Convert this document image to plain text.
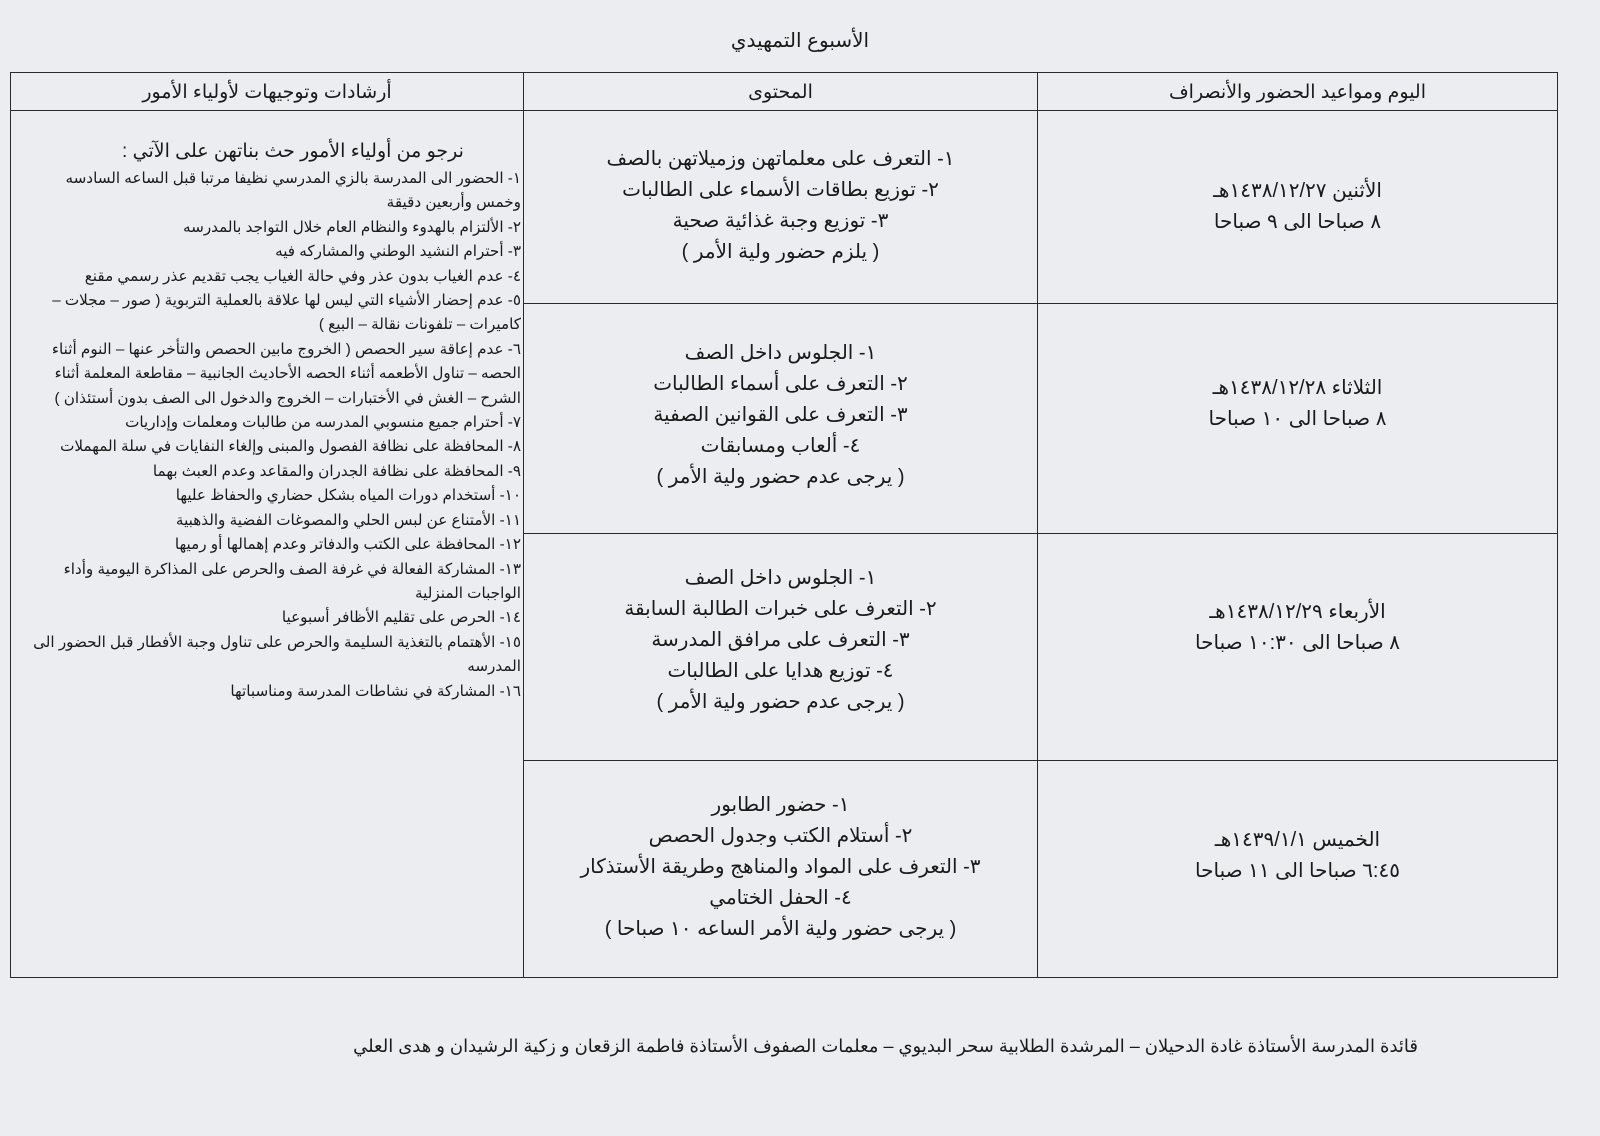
الأسبوع التمهيدي
اليوم ومواعيد الحضور والأنصراف
المحتوى
أرشادات وتوجيهات لأولياء الأمور
الأثنين ١٤٣٨/١٢/٢٧هـ
٨ صباحا الى ٩ صباحا
١- التعرف على معلماتهن وزميلاتهن بالصف
٢- توزيع بطاقات الأسماء على الطالبات
٣- توزيع وجبة غذائية صحية
( يلزم حضور ولية الأمر )
الثلاثاء ١٤٣٨/١٢/٢٨هـ
٨ صباحا الى ١٠ صباحا
١- الجلوس داخل الصف
٢- التعرف على أسماء الطالبات
٣- التعرف على القوانين الصفية
٤- ألعاب ومسابقات
( يرجى عدم حضور ولية الأمر )
الأربعاء ١٤٣٨/١٢/٢٩هـ
٨ صباحا الى ١٠:٣٠ صباحا
١- الجلوس داخل الصف
٢- التعرف على خبرات الطالبة السابقة
٣- التعرف على مرافق المدرسة
٤- توزيع هدايا على الطالبات
( يرجى عدم حضور ولية الأمر )
الخميس ١٤٣٩/١/١هـ
٦:٤٥ صباحا الى ١١ صباحا
١- حضور الطابور
٢- أستلام الكتب وجدول الحصص
٣- التعرف على المواد والمناهج وطريقة الأستذكار
٤- الحفل الختامي
( يرجى حضور ولية الأمر الساعه ١٠ صباحا )
نرجو من أولياء الأمور حث بناتهن على الآتي :
١- الحضور الى المدرسة بالزي المدرسي نظيفا مرتبا قبل الساعه السادسه وخمس وأربعين دقيقة
٢- الألتزام بالهدوء والنظام العام خلال التواجد بالمدرسه
٣- أحترام النشيد الوطني والمشاركه فيه
٤- عدم الغياب بدون عذر وفي حالة الغياب يجب تقديم عذر رسمي مقنع
٥- عدم إحضار الأشياء التي ليس لها علاقة بالعملية التربوية ( صور – مجلات – كاميرات – تلفونات نقالة – البيع )
٦- عدم إعاقة سير الحصص ( الخروج مابين الحصص والتأخر عنها – النوم أثناء الحصه – تناول الأطعمه أثناء الحصه الأحاديث الجانبية – مقاطعة المعلمة أثناء الشرح – الغش في الأختبارات – الخروج والدخول الى الصف بدون أستئذان )
٧- أحترام جميع منسوبي المدرسه من طالبات ومعلمات وإداريات
٨- المحافظة على نظافة الفصول والمبنى وإلغاء النفايات في سلة المهملات
٩- المحافظة على نظافة الجدران والمقاعد وعدم العبث بهما
١٠- أستخدام دورات المياه بشكل حضاري والحفاظ عليها
١١- الأمتناع عن لبس الحلي والمصوغات الفضية والذهبية
١٢- المحافظة على الكتب والدفاتر وعدم إهمالها أو رميها
١٣- المشاركة الفعالة في غرفة الصف والحرص على المذاكرة اليومية وأداء الواجبات المنزلية
١٤- الحرص على تقليم الأظافر أسبوعيا
١٥- الأهتمام بالتغذية السليمة والحرص على تناول وجبة الأفطار قبل الحضور الى المدرسه
١٦- المشاركة في نشاطات المدرسة ومناسباتها
قائدة المدرسة الأستاذة غادة الدحيلان – المرشدة الطلابية سحر البديوي – معلمات الصفوف الأستاذة فاطمة الزقعان و زكية الرشيدان و هدى العلي
